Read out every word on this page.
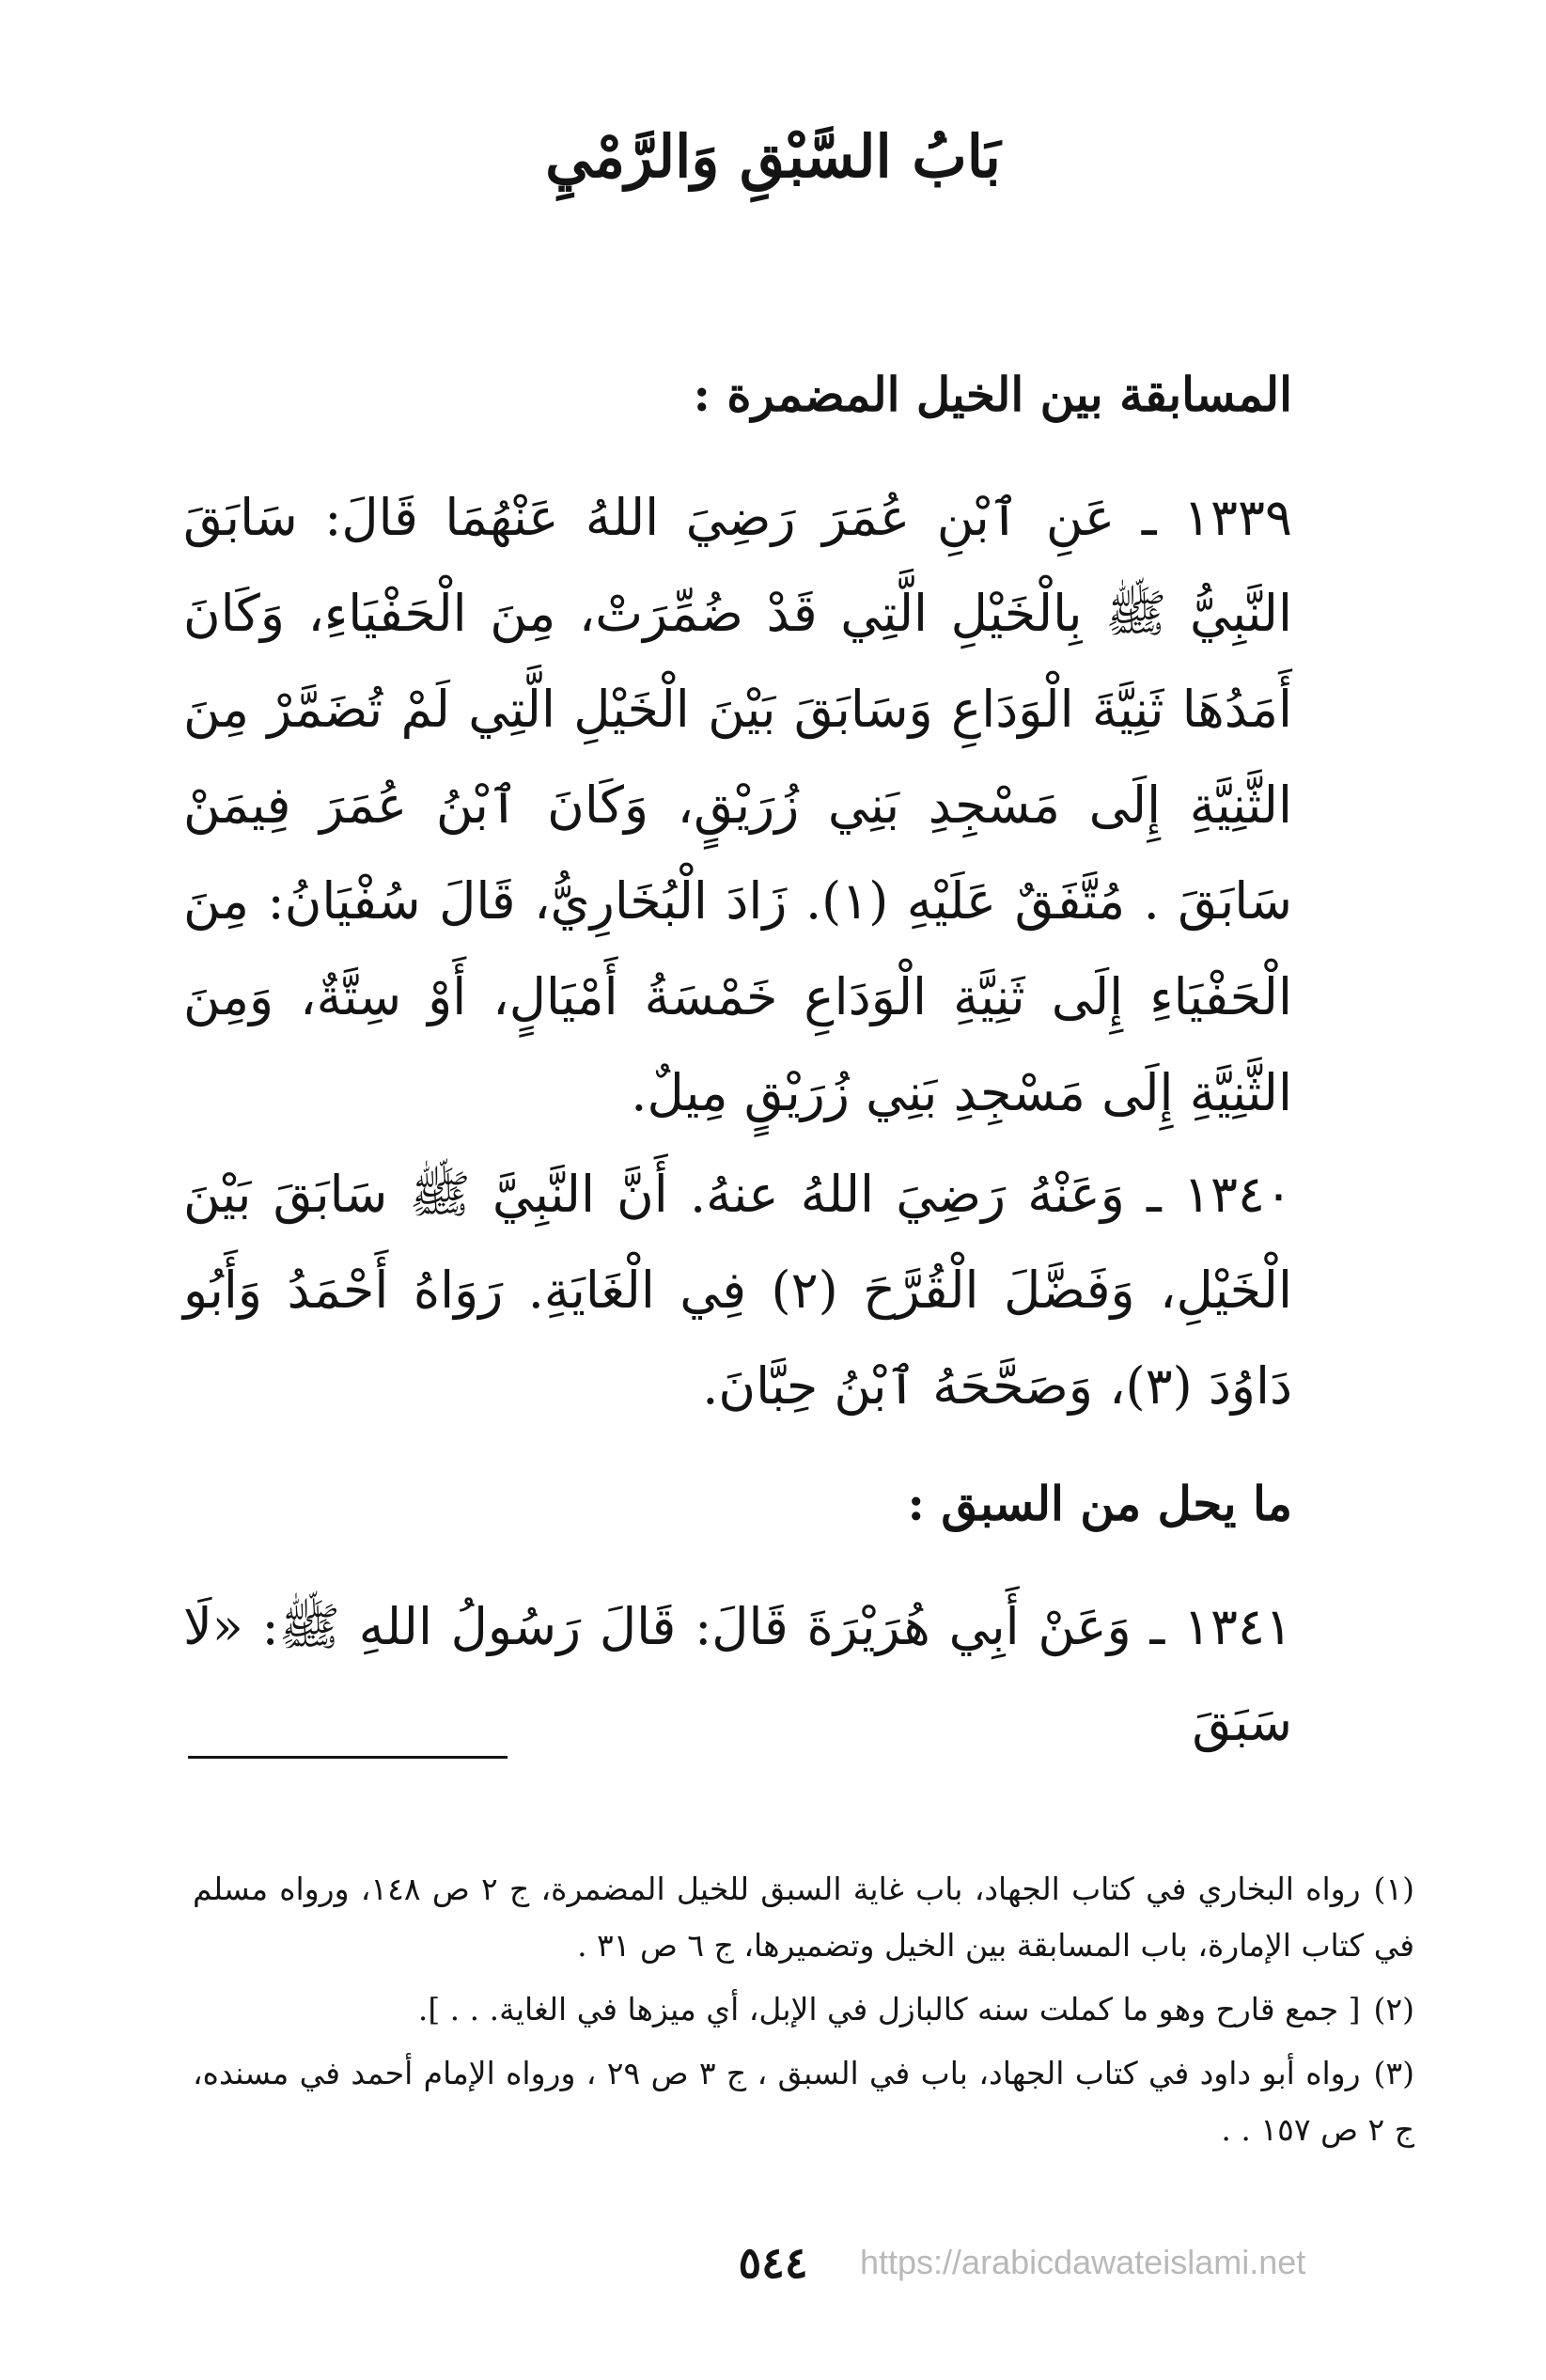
بَابُ السَّبْقِ وَالرَّمْيِ
المسابقة بين الخيل المضمرة :

١٣٣٩ ـ عَنِ ٱبْنِ عُمَرَ رَضِيَ اللهُ عَنْهُمَا قَالَ: سَابَقَ النَّبِيُّ ﷺ بِالْخَيْلِ الَّتِي قَدْ ضُمِّرَتْ، مِنَ الْحَفْيَاءِ، وَكَانَ أَمَدُهَا ثَنِيَّةَ الْوَدَاعِ وَسَابَقَ بَيْنَ الْخَيْلِ الَّتِي لَمْ تُضَمَّرْ مِنَ الثَّنِيَّةِ إِلَى مَسْجِدِ بَنِي زُرَيْقٍ، وَكَانَ ٱبْنُ عُمَرَ فِيمَنْ سَابَقَ . مُتَّفَقٌ عَلَيْهِ (١). زَادَ الْبُخَارِيُّ، قَالَ سُفْيَانُ: مِنَ الْحَفْيَاءِ إِلَى ثَنِيَّةِ الْوَدَاعِ خَمْسَةُ أَمْيَالٍ، أَوْ سِتَّةٌ، وَمِنَ الثَّنِيَّةِ إِلَى مَسْجِدِ بَنِي زُرَيْقٍ مِيلٌ.

١٣٤٠ ـ وَعَنْهُ رَضِيَ اللهُ عنهُ. أَنَّ النَّبِيَّ ﷺ سَابَقَ بَيْنَ الْخَيْلِ، وَفَضَّلَ الْقُرَّحَ (٢) فِي الْغَايَةِ. رَوَاهُ أَحْمَدُ وَأَبُو دَاوُدَ (٣)، وَصَحَّحَهُ ٱبْنُ حِبَّانَ.

ما يحل من السبق :

١٣٤١ ـ وَعَنْ أَبِي هُرَيْرَةَ قَالَ: قَالَ رَسُولُ اللهِ ﷺ: «لَا سَبَقَ

(١)رواه البخاري في كتاب الجهاد، باب غاية السبق للخيل المضمرة، ج ٢ ص ١٤٨، ورواه مسلم في كتاب الإمارة، باب المسابقة بين الخيل وتضميرها، ج ٦ ص ٣١ .

(٢)[ جمع قارح وهو ما كملت سنه كالبازل في الإبل، أي ميزها في الغاية. . . ].

(٣)رواه أبو داود في كتاب الجهاد، باب في السبق ، ج ٣ ص ٢٩ ، ورواه الإمام أحمد في مسنده، ج ٢ ص ١٥٧ . .

٥٤٤	https://arabicdawateislami.net
